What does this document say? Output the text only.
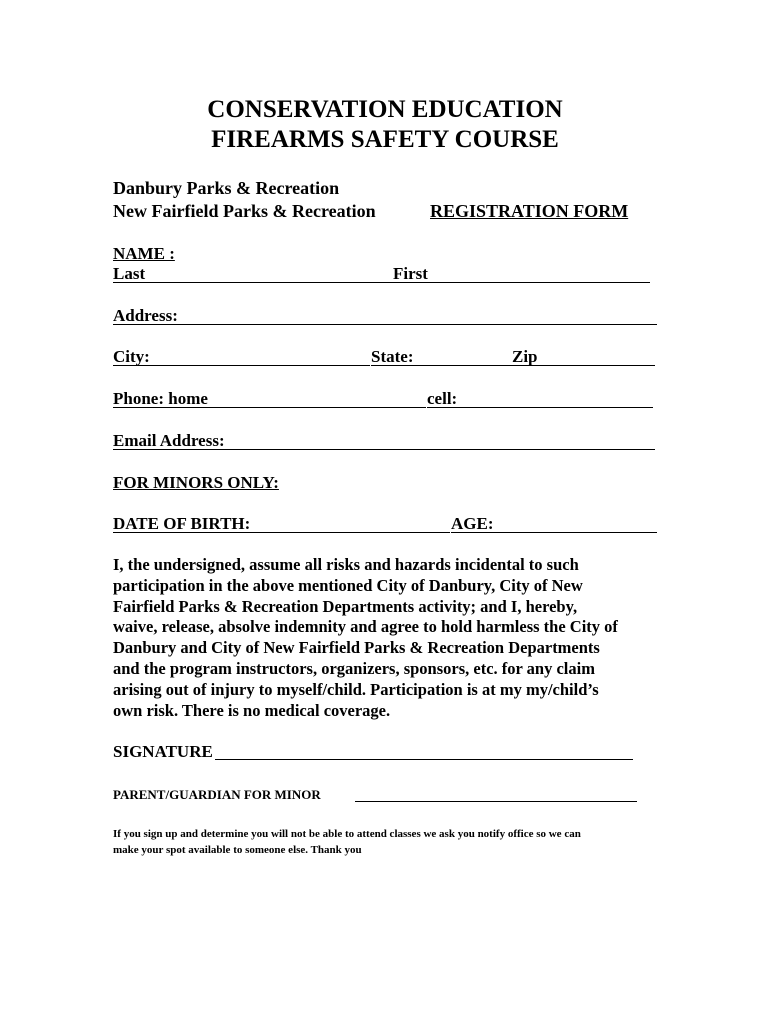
CONSERVATION EDUCATION
FIREARMS SAFETY COURSE
Danbury Parks & Recreation
New Fairfield Parks & Recreation	REGISTRATION FORM
NAME :
Last	First
Address:
City:	State:	Zip
Phone: home	cell:
Email Address:
FOR MINORS ONLY:
DATE OF BIRTH:	AGE:
I, the undersigned, assume all risks and hazards incidental to such
participation in the above mentioned City of Danbury, City of New
Fairfield Parks & Recreation Departments activity; and I, hereby,
waive, release, absolve indemnity and agree to hold harmless the City of
Danbury and City of New Fairfield Parks & Recreation Departments
and the program instructors, organizers, sponsors, etc. for any claim
arising out of injury to myself/child. Participation is at my my/child’s
own risk. There is no medical coverage.
SIGNATURE
PARENT/GUARDIAN FOR MINOR
If you sign up and determine you will not be able to attend classes we ask you notify office so we can
make your spot available to someone else. Thank you
